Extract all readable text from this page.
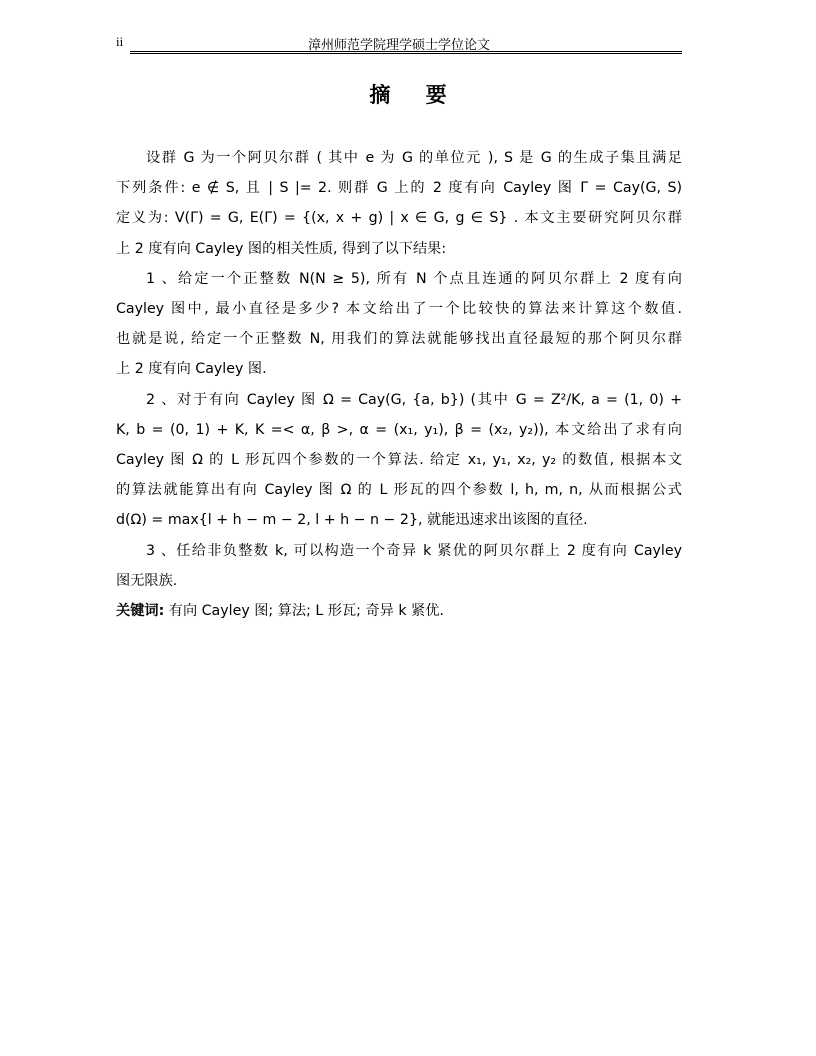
ii	漳州师范学院理学硕士学位论文
摘 要
设群 G 为一个阿贝尔群 ( 其中 e 为 G 的单位元 ), S 是 G 的生成子集且满足
下列条件: e ∉ S, 且 | S |= 2. 则群 G 上的 2 度有向 Cayley 图 Γ = Cay(G, S)
定义为: V(Γ) = G, E(Γ) = {(x, x + g) | x ∈ G, g ∈ S} . 本文主要研究阿贝尔群
上 2 度有向 Cayley 图的相关性质, 得到了以下结果:
1 、给定一个正整数 N(N ≥ 5), 所有 N 个点且连通的阿贝尔群上 2 度有向
Cayley 图中, 最小直径是多少? 本文给出了一个比较快的算法来计算这个数值.
也就是说, 给定一个正整数 N, 用我们的算法就能够找出直径最短的那个阿贝尔群
上 2 度有向 Cayley 图.
2 、对于有向 Cayley 图 Ω = Cay(G, {a, b}) (其中 G = Z²/K, a = (1, 0) +
K, b = (0, 1) + K, K =< α, β >, α = (x₁, y₁), β = (x₂, y₂)), 本文给出了求有向
Cayley 图 Ω 的 L 形瓦四个参数的一个算法. 给定 x₁, y₁, x₂, y₂ 的数值, 根据本文
的算法就能算出有向 Cayley 图 Ω 的 L 形瓦的四个参数 l, h, m, n, 从而根据公式
d(Ω) = max{l + h − m − 2, l + h − n − 2}, 就能迅速求出该图的直径.
3 、任给非负整数 k, 可以构造一个奇异 k 紧优的阿贝尔群上 2 度有向 Cayley
图无限族.
关键词: 有向 Cayley 图; 算法; L 形瓦; 奇异 k 紧优.
